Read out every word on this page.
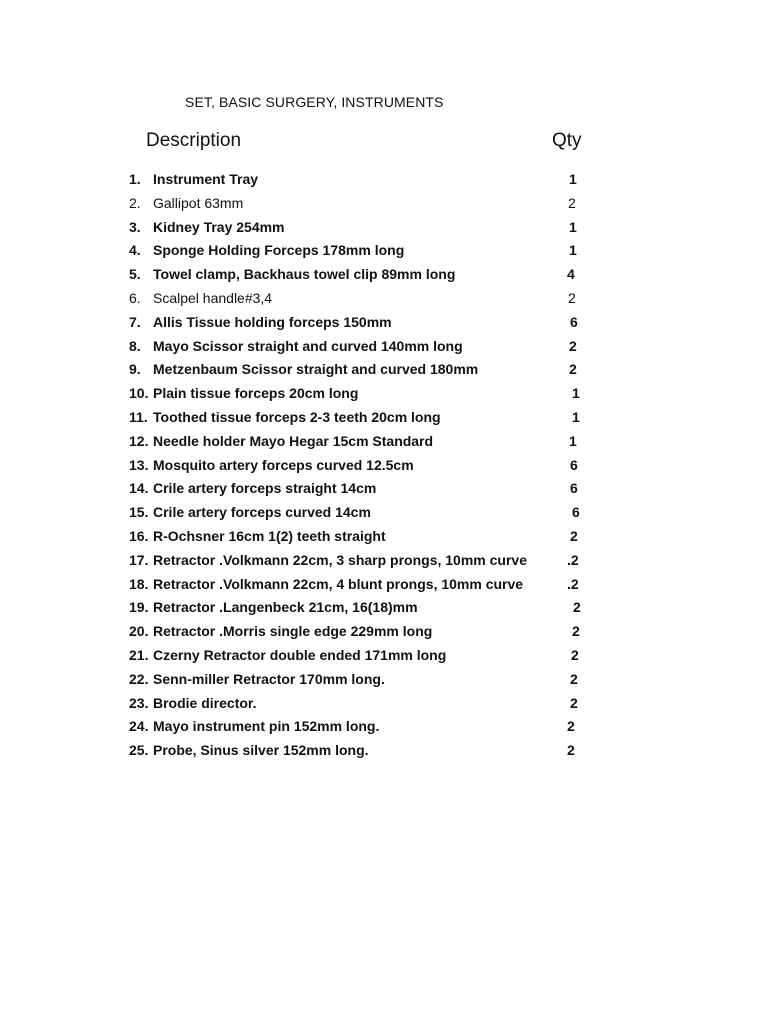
SET, BASIC SURGERY, INSTRUMENTS
Description	Qty
1. Instrument Tray	1
2. Gallipot 63mm	2
3. Kidney Tray 254mm	1
4. Sponge Holding Forceps 178mm long	1
5. Towel clamp, Backhaus towel clip 89mm long	4
6. Scalpel handle#3,4	2
7. Allis Tissue holding forceps 150mm	6
8. Mayo Scissor straight and curved 140mm long	2
9. Metzenbaum Scissor straight and curved 180mm	2
10. Plain tissue forceps 20cm long	1
11. Toothed tissue forceps 2-3 teeth 20cm long	1
12. Needle holder Mayo Hegar 15cm Standard	1
13. Mosquito artery forceps curved 12.5cm	6
14. Crile artery forceps straight 14cm	6
15. Crile artery forceps curved 14cm	6
16. R-Ochsner 16cm 1(2) teeth straight	2
17. Retractor .Volkmann 22cm, 3 sharp prongs, 10mm curve	.2
18. Retractor .Volkmann 22cm, 4 blunt prongs, 10mm curve	.2
19. Retractor .Langenbeck 21cm, 16(18)mm	2
20. Retractor .Morris single edge 229mm long	2
21. Czerny Retractor double ended 171mm long	2
22. Senn-miller Retractor 170mm long.	2
23. Brodie director.	2
24. Mayo instrument pin 152mm long.	2
25. Probe, Sinus silver 152mm long.	2
